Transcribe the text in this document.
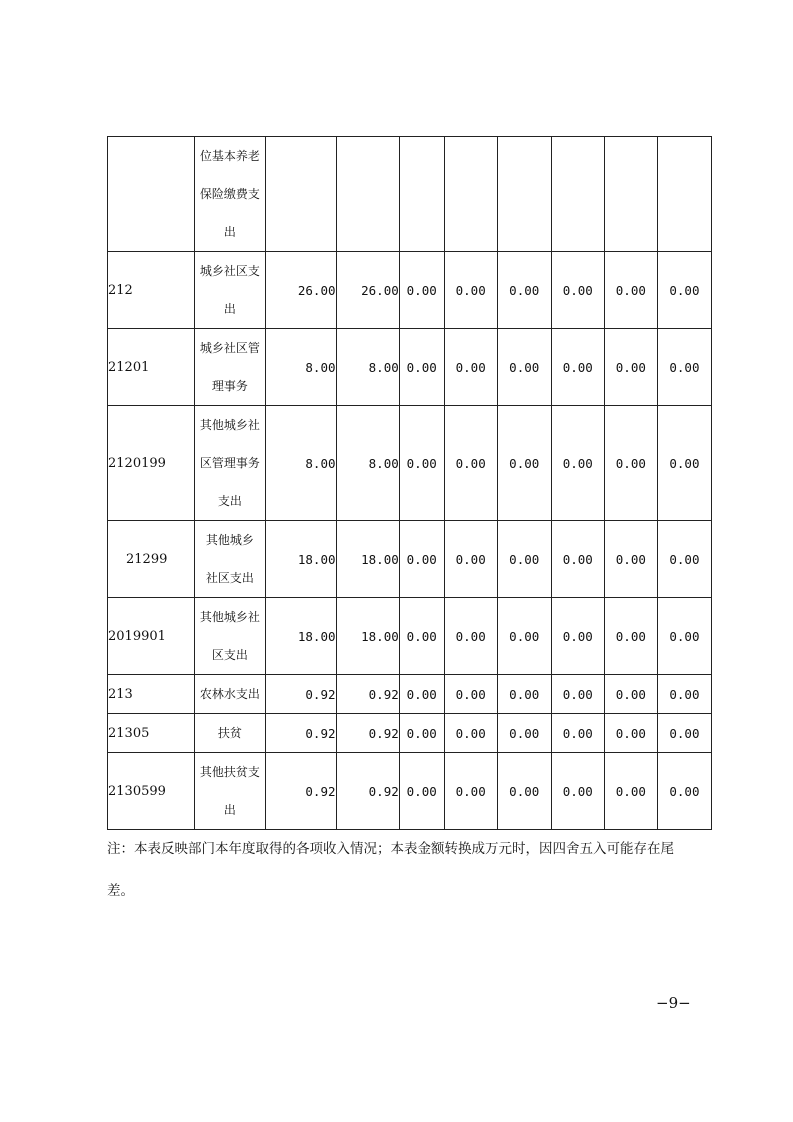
	位基本养老
保险缴费支
出								

212	城乡社区支
出	26.00	26.00	0.00	0.00	0.00	0.00	0.00	0.00
21201	城乡社区管
理事务	8.00	8.00	0.00	0.00	0.00	0.00	0.00	0.00
2120199	其他城乡社
区管理事务
支出	8.00	8.00	0.00	0.00	0.00	0.00	0.00	0.00
21299	其他城乡
社区支出	18.00	18.00	0.00	0.00	0.00	0.00	0.00	0.00
2019901	其他城乡社
区支出	18.00	18.00	0.00	0.00	0.00	0.00	0.00	0.00
213	农林水支出	0.92	0.92	0.00	0.00	0.00	0.00	0.00	0.00
21305	扶贫	0.92	0.92	0.00	0.00	0.00	0.00	0.00	0.00
2130599	其他扶贫支
出	0.92	0.92	0.00	0.00	0.00	0.00	0.00	0.00
注：本表反映部门本年度取得的各项收入情况；本表金额转换成万元时，因四舍五入可能存在尾
差。
−9−
